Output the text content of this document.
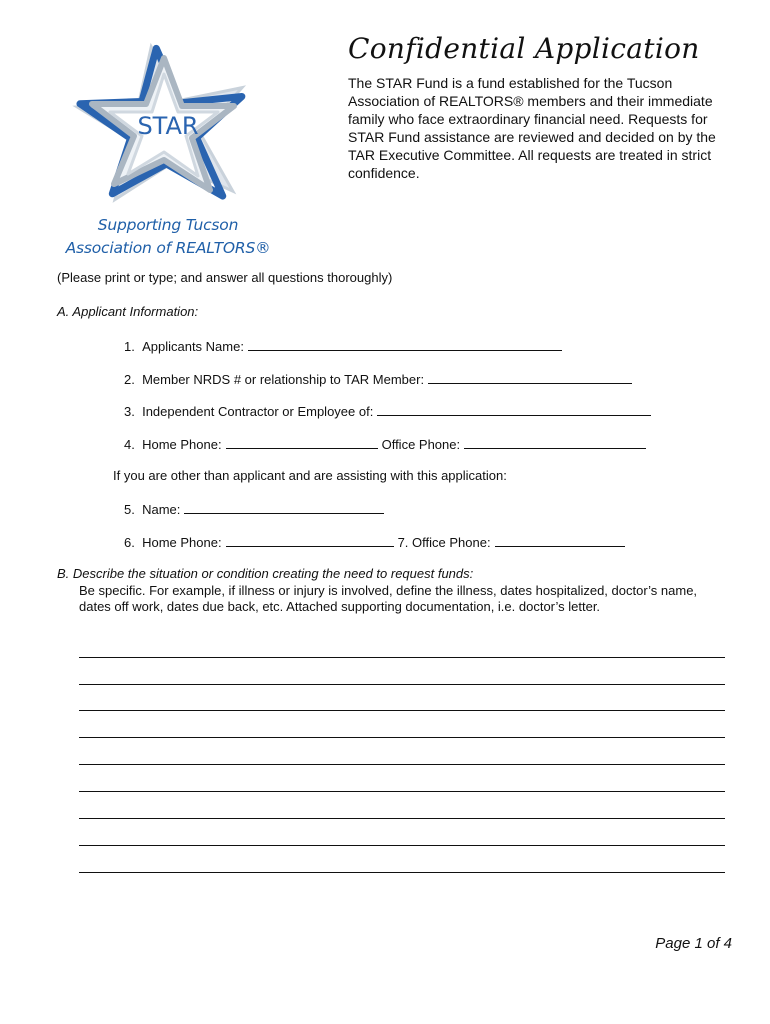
STAR
Supporting Tucson
Association of REALTORS®
Confidential Application
The STAR Fund is a fund established for the Tucson Association of REALTORS® members and their immediate family who face extraordinary financial need. Requests for STAR Fund assistance are reviewed and decided on by the TAR Executive Committee. All requests are treated in strict confidence.
(Please print or type; and answer all questions thoroughly)
A. Applicant Information:
1.
Applicants Name:
2.
Member NRDS # or relationship to TAR Member:
3.
Independent Contractor or Employee of:
4.
Home Phone:	Office Phone:
If you are other than applicant and are assisting with this application:
5.
Name:
6.
Home Phone:	7. Office Phone:
B. Describe the situation or condition creating the need to request funds:
Be specific. For example, if illness or injury is involved, define the illness, dates hospitalized, doctor’s name, dates off work, dates due back, etc. Attached supporting documentation, i.e. doctor’s letter.
Page 1 of 4
